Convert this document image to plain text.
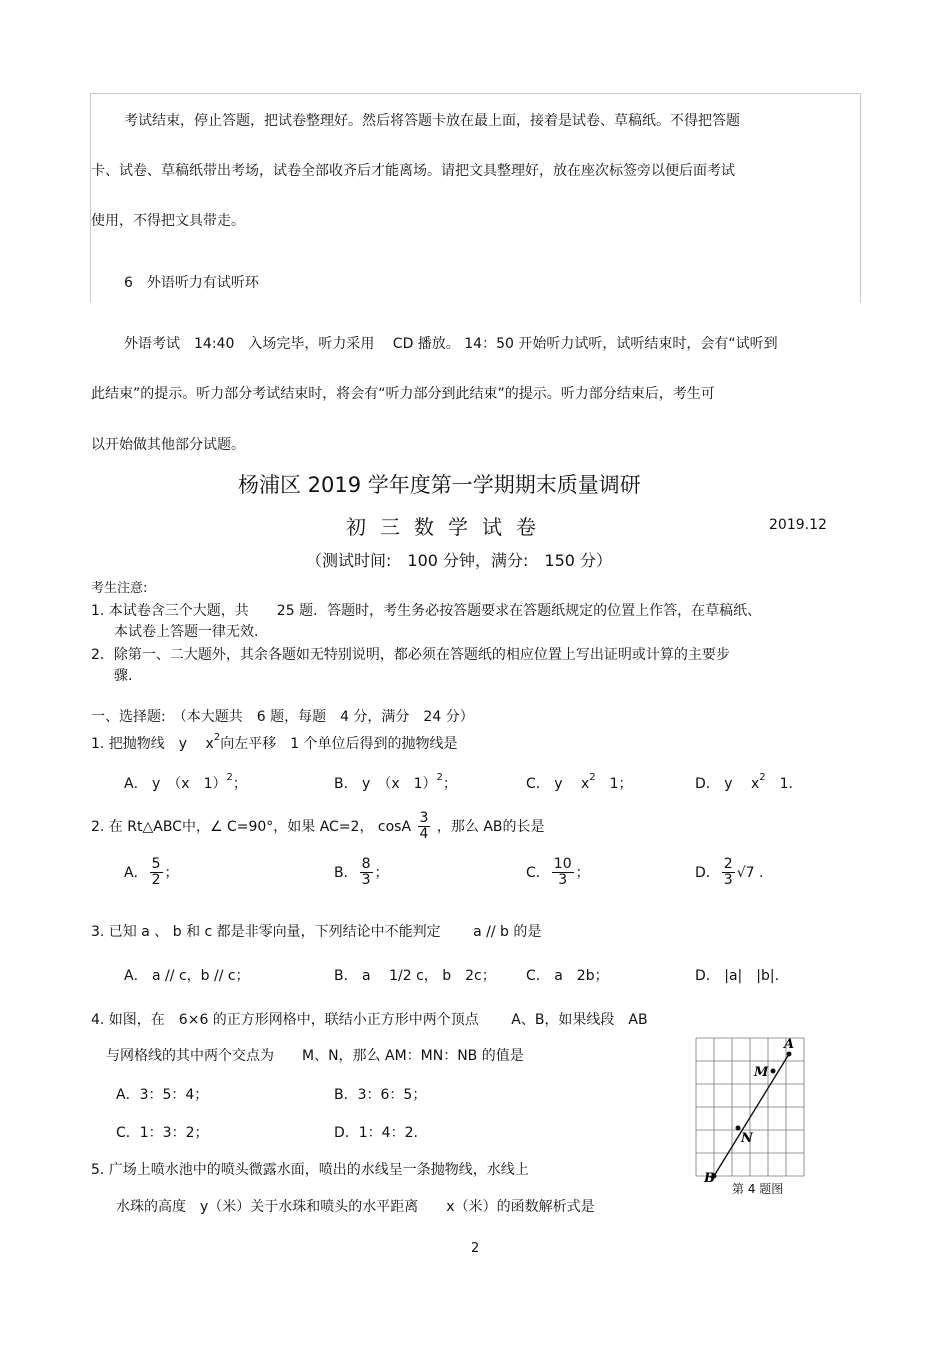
考试结束，停止答题，把试卷整理好。然后将答题卡放在最上面，接着是试卷、草稿纸。不得把答题
卡、试卷、草稿纸带出考场，试卷全部收齐后才能离场。请把文具整理好，放在座次标签旁以便后面考试
使用，不得把文具带走。
6　外语听力有试听环
外语考试　14:40　入场完毕，听力采用　 CD 播放。 14：50 开始听力试听，试听结束时，会有“试听到
此结束”的提示。听力部分考试结束时，将会有“听力部分到此结束”的提示。听力部分结束后，考生可
以开始做其他部分试题。
杨浦区 2019 学年度第一学期期末质量调研
初三数学试卷	2019.12
（测试时间:　100 分钟，满分:　150 分）
考生注意:
1. 本试卷含三个大题，共　　25 题．答题时，考生务必按答题要求在答题纸规定的位置上作答，在草稿纸、
本试卷上答题一律无效.
2．除第一、二大题外，其余各题如无特别说明，都必须在答题纸的相应位置上写出证明或计算的主要步
骤.
一、选择题:　（本大题共　6 题，每题　4 分，满分　24 分）
1. 把抛物线　y　 $x^2$向左平移　1 个单位后得到的抛物线是
A． y　（x　1）$^2$；	B． y　（x　1）$^2$；	C． y　 $x^2$　1；	D． y　 $x^2$　1．
2. 在 Rt△ABC中，∠ C=90°，如果 AC=2， cosA $\frac{3}{4}$ ，那么 AB的长是
A． $\frac{5}{2}$ ；	B． $\frac{8}{3}$ ；	C． $\frac{10}{3}$ ；	D． $\frac{2}{3} √7$ .
3. 已知 a 、 b 和 c 都是非零向量，下列结论中不能判定　　 a // b 的是
A． a // c，b // c；	B． a　 1/2 c， b　2c； C． a　2b；	D． |a|　|b|.
4. 如图，在　6×6 的正方形网格中，联结小正方形中两个顶点　　 A、B，如果线段　AB
与网格线的其中两个交点为　　M、N，那么 AM：MN：NB 的值是
A．3：5：4；	B．3：6：5；
C．1：3：2；	D．1：4：2.
A
M
N
B
第 4 题图
5. 广场上喷水池中的喷头微露水面，喷出的水线呈一条抛物线，水线上
水珠的高度　y（米）关于水珠和喷头的水平距离　　x（米）的函数解析式是
2
